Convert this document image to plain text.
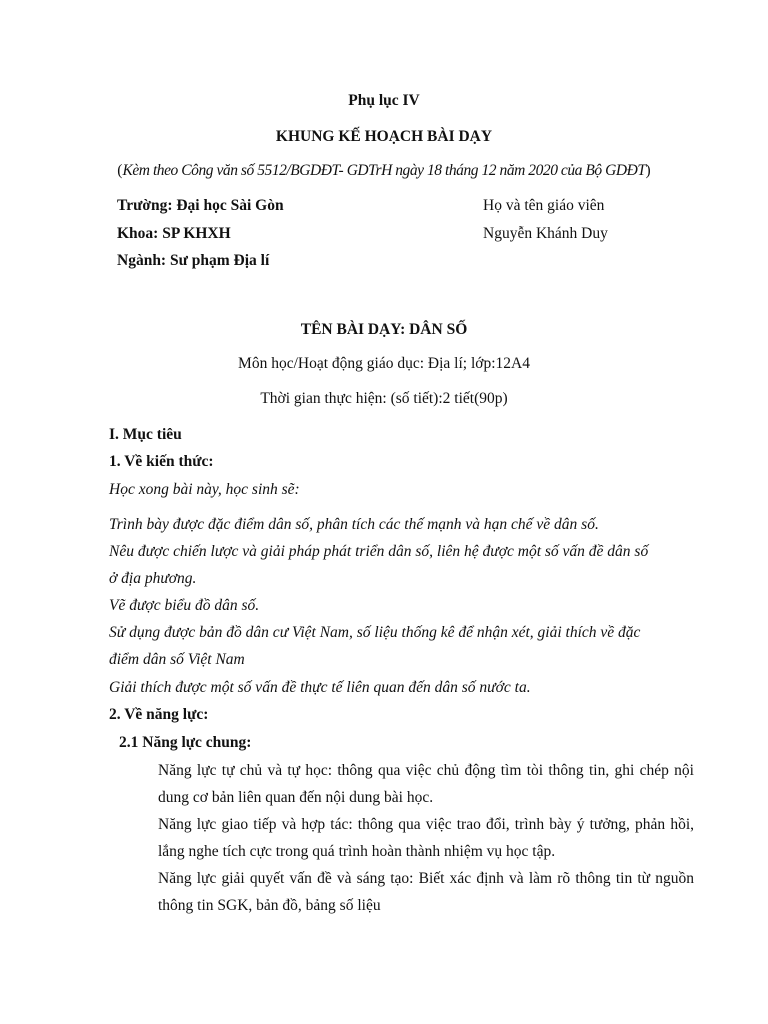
Phụ lục IV
KHUNG KẾ HOẠCH BÀI DẠY
(Kèm theo Công văn số 5512/BGDĐT- GDTrH ngày 18 tháng 12 năm 2020 của Bộ GDĐT)
Trường: Đại học Sài Gòn
Khoa: SP KHXH
Ngành: Sư phạm Địa lí
Họ và tên giáo viên
Nguyễn Khánh Duy
TÊN BÀI DẠY: DÂN SỐ
Môn học/Hoạt động giáo dục: Địa lí; lớp:12A4
Thời gian thực hiện: (số tiết):2 tiết(90p)
I. Mục tiêu
1. Về kiến thức:
Học xong bài này, học sinh sẽ:
Trình bày được đặc điểm dân số, phân tích các thế mạnh và hạn chế về dân số.
Nêu được chiến lược và giải pháp phát triển dân số, liên hệ được một số vấn đề dân số
ở địa phương.
Vẽ được biểu đồ dân số.
Sử dụng được bản đồ dân cư Việt Nam, số liệu thống kê để nhận xét, giải thích về đặc
điểm dân số Việt Nam
Giải thích được một số vấn đề thực tế liên quan đến dân số nước ta.
2. Về năng lực:
2.1 Năng lực chung:
Năng lực tự chủ và tự học: thông qua việc chủ động tìm tòi thông tin, ghi chép nội dung cơ bản liên quan đến nội dung bài học.
Năng lực giao tiếp và hợp tác: thông qua việc trao đổi, trình bày ý tưởng, phản hồi, lắng nghe tích cực trong quá trình hoàn thành nhiệm vụ học tập.
Năng lực giải quyết vấn đề và sáng tạo: Biết xác định và làm rõ thông tin từ nguồn thông tin SGK, bản đồ, bảng số liệu
